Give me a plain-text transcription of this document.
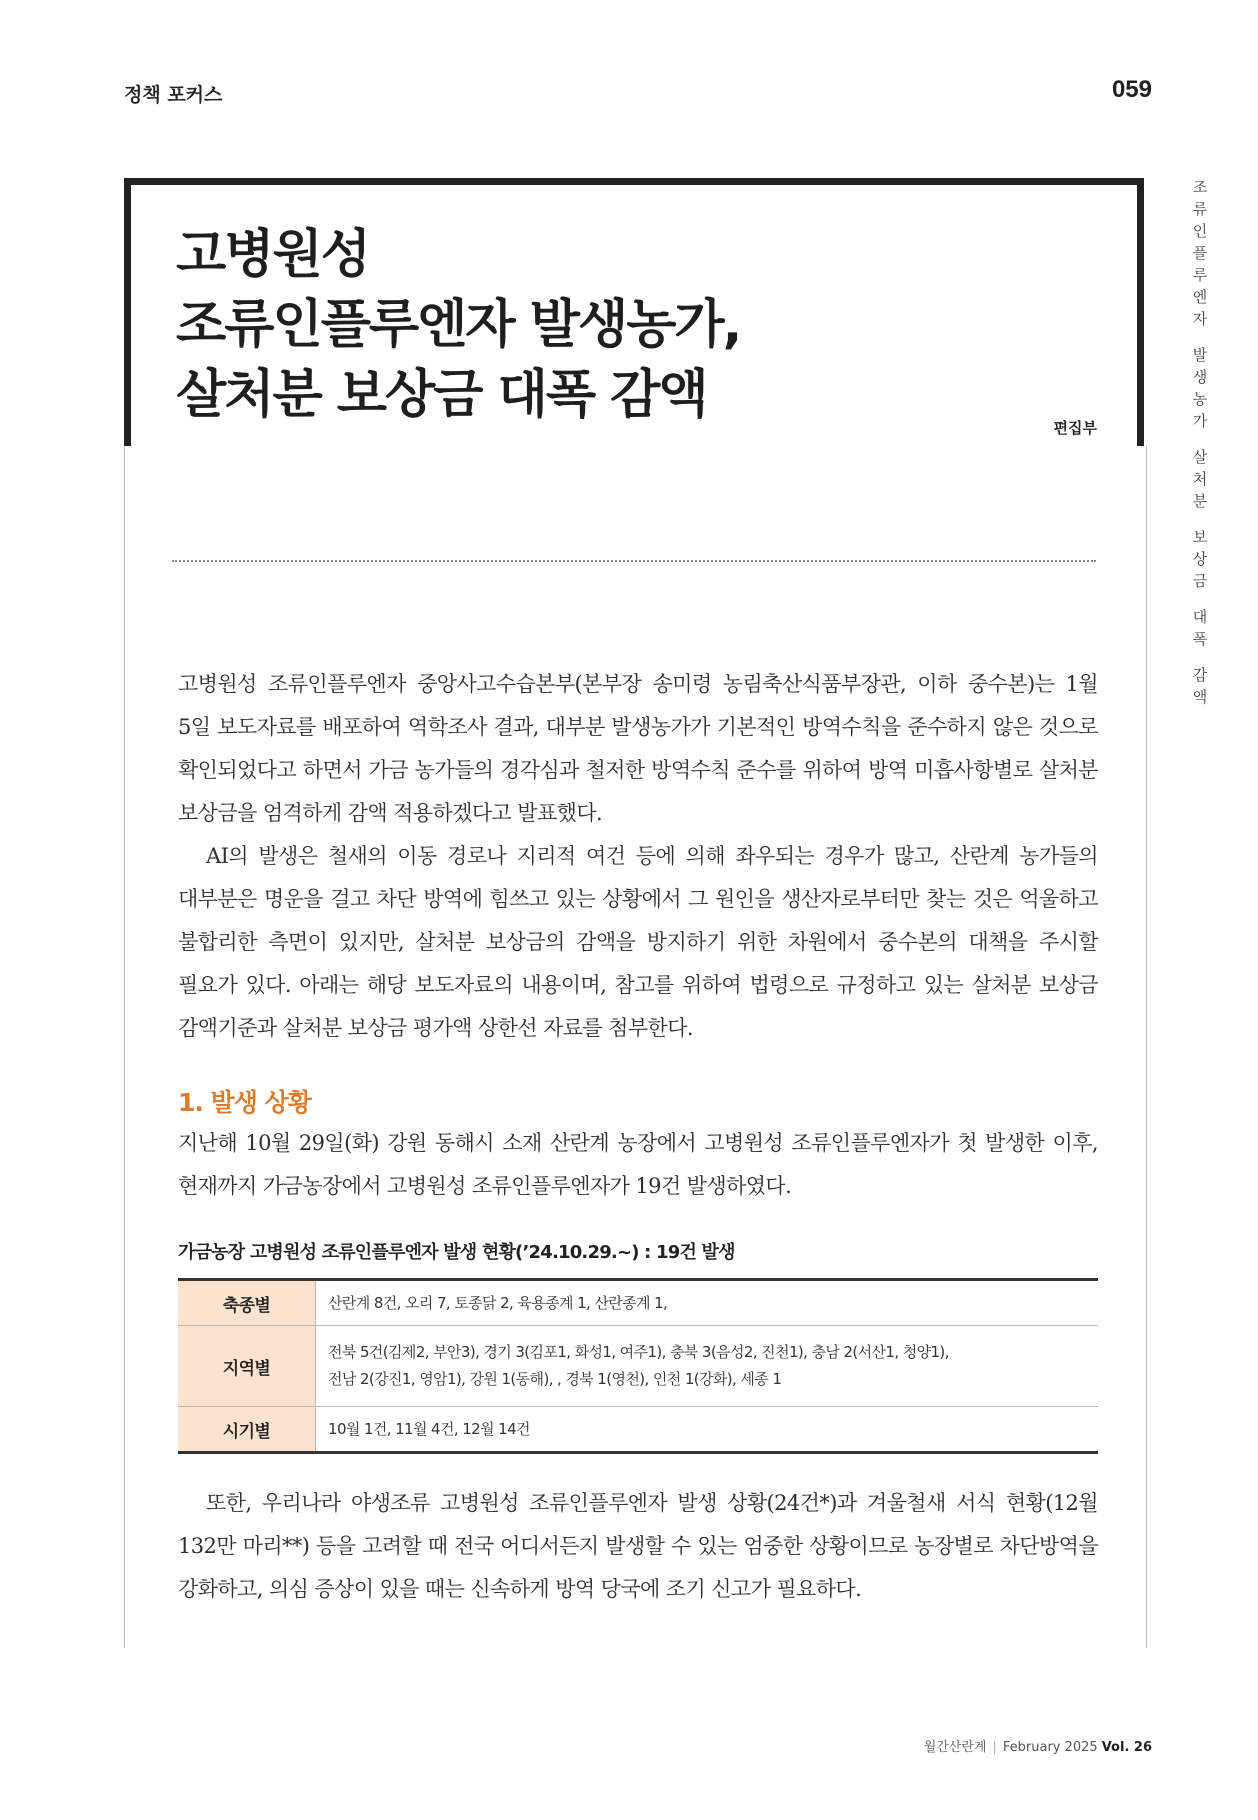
정책 포커스	059
고병원성
조류인플루엔자 발생농가,
살처분 보상금 대폭 감액
편집부
조
류
인
플
루
엔
자
발
생
농
가
살
처
분
보
상
금
대
폭
감
액

고병원성 조류인플루엔자 중앙사고수습본부(본부장 송미령 농림축산식품부장관, 이하 중수본)는 1월 5일 보도자료를 배포하여 역학조사 결과, 대부분 발생농가가 기본적인 방역수칙을 준수하지 않은 것으로 확인되었다고 하면서 가금 농가들의 경각심과 철저한 방역수칙 준수를 위하여 방역 미흡사항별로 살처분 보상금을 엄격하게 감액 적용하겠다고 발표했다.

AI의 발생은 철새의 이동 경로나 지리적 여건 등에 의해 좌우되는 경우가 많고, 산란계 농가들의 대부분은 명운을 걸고 차단 방역에 힘쓰고 있는 상황에서 그 원인을 생산자로부터만 찾는 것은 억울하고 불합리한 측면이 있지만, 살처분 보상금의 감액을 방지하기 위한 차원에서 중수본의 대책을 주시할 필요가 있다. 아래는 해당 보도자료의 내용이며, 참고를 위하여 법령으로 규정하고 있는 살처분 보상금 감액기준과 살처분 보상금 평가액 상한선 자료를 첨부한다.

1. 발생 상황

지난해 10월 29일(화) 강원 동해시 소재 산란계 농장에서 고병원성 조류인플루엔자가 첫 발생한 이후, 현재까지 가금농장에서 고병원성 조류인플루엔자가 19건 발생하였다.

가금농장 고병원성 조류인플루엔자 발생 현황(’24.10.29.~) : 19건 발생
축종별	산란계 8건, 오리 7, 토종닭 2, 육용종계 1, 산란종계 1,

지역별	전북 5건(김제2, 부안3), 경기 3(김포1, 화성1, 여주1), 충북 3(음성2, 진천1), 충남 2(서산1, 청양1),
전남 2(강진1, 영암1), 강원 1(동해), , 경북 1(영천), 인천 1(강화), 세종 1

시기별	10월 1건, 11월 4건, 12월 14건

또한, 우리나라 야생조류 고병원성 조류인플루엔자 발생 상황(24건*)과 겨울철새 서식 현황(12월 132만 마리**) 등을 고려할 때 전국 어디서든지 발생할 수 있는 엄중한 상황이므로 농장별로 차단방역을 강화하고, 의심 증상이 있을 때는 신속하게 방역 당국에 조기 신고가 필요하다.

월간산란계 | February 2025 Vol. 26
